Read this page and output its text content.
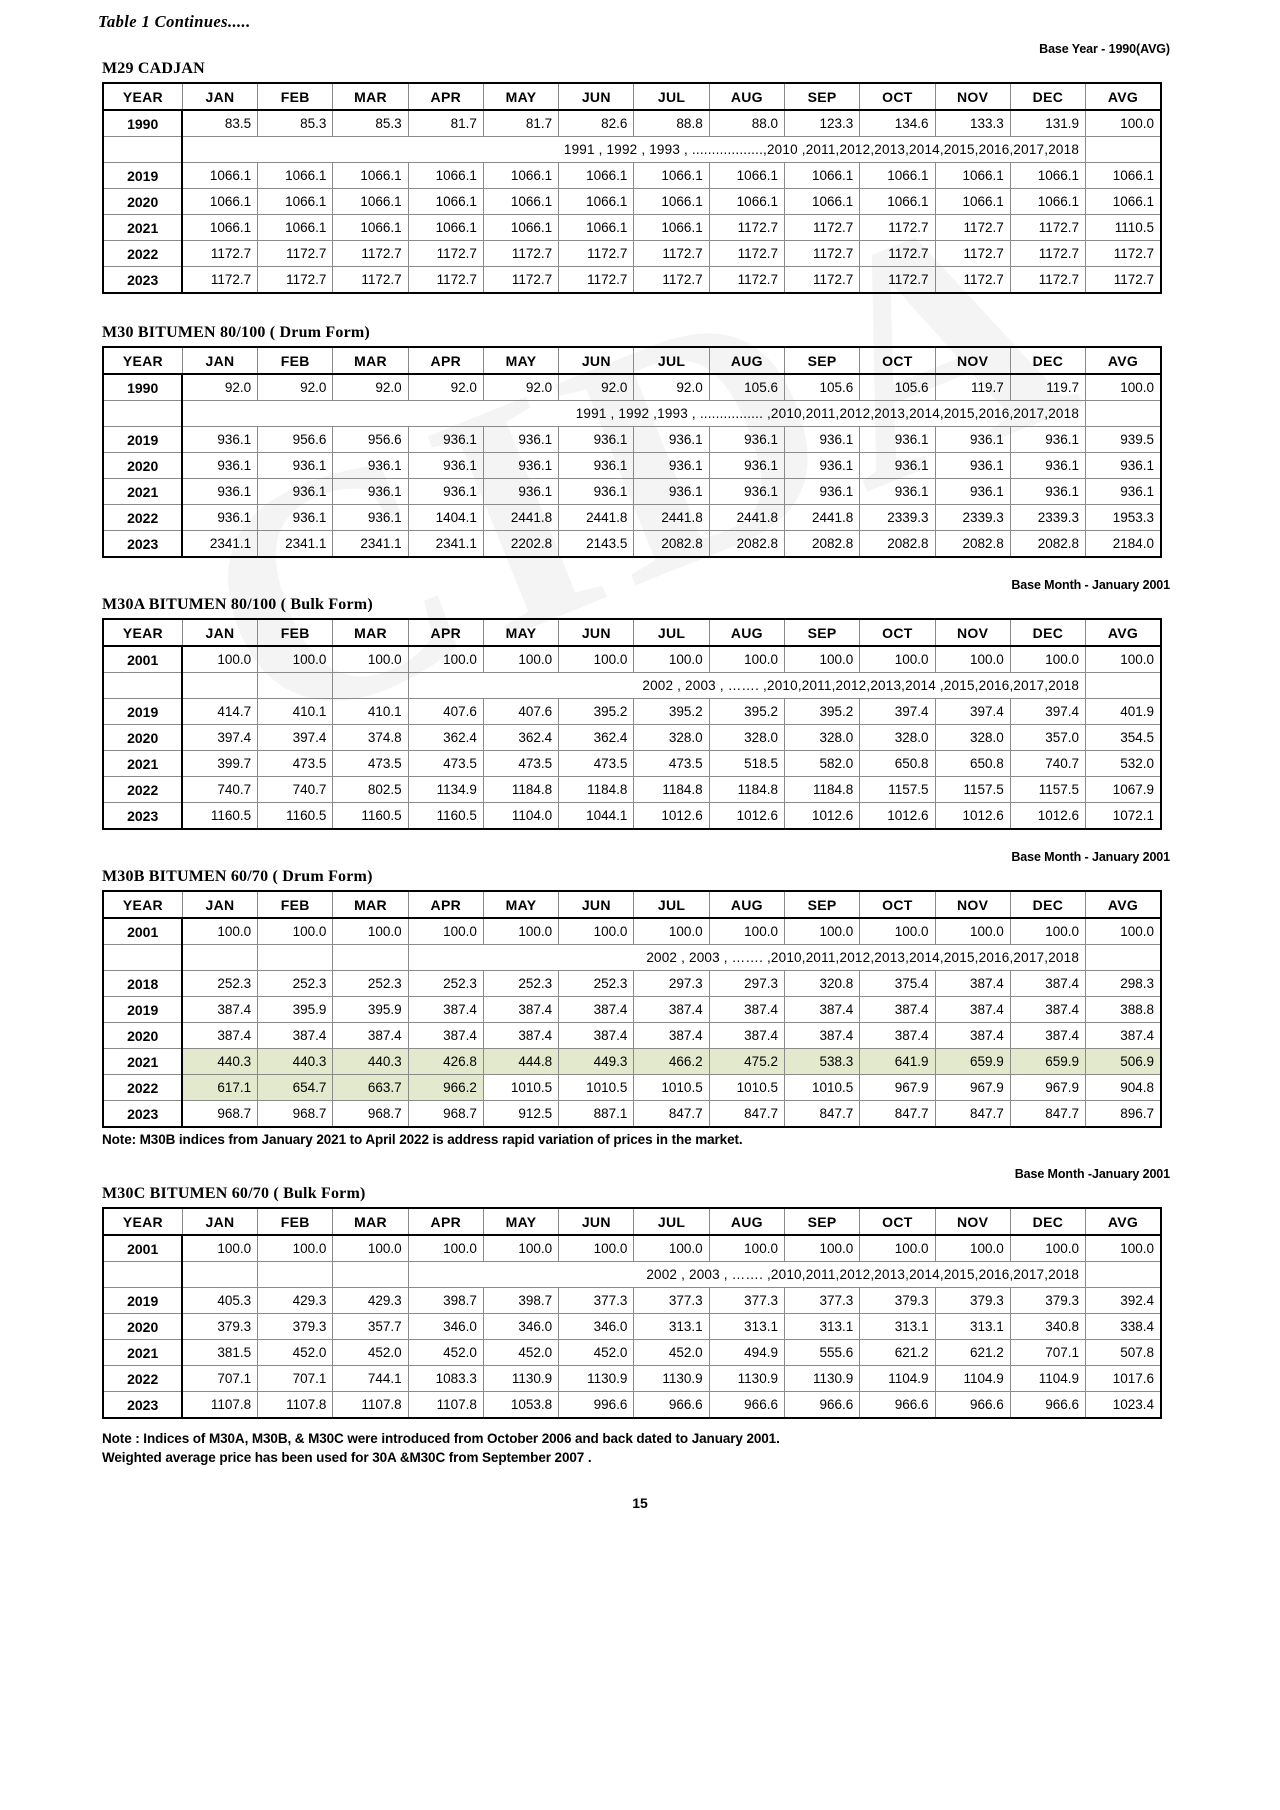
Table 1 Continues.....
Base Year - 1990(AVG)
M29 CADJAN
YEAR	JAN	FEB	MAR	APR	MAY	JUN	JUL	AUG	SEP	OCT	NOV	DEC	AVG
1990	83.5	85.3	85.3	81.7	81.7	82.6	88.8	88.0	123.3	134.6	133.3	131.9	100.0
	1991 , 1992 , 1993 , ..................,2010 ,2011,2012,2013,2014,2015,2016,2017,2018												
2019	1066.1	1066.1	1066.1	1066.1	1066.1	1066.1	1066.1	1066.1	1066.1	1066.1	1066.1	1066.1	1066.1
2020	1066.1	1066.1	1066.1	1066.1	1066.1	1066.1	1066.1	1066.1	1066.1	1066.1	1066.1	1066.1	1066.1
2021	1066.1	1066.1	1066.1	1066.1	1066.1	1066.1	1066.1	1172.7	1172.7	1172.7	1172.7	1172.7	1110.5
2022	1172.7	1172.7	1172.7	1172.7	1172.7	1172.7	1172.7	1172.7	1172.7	1172.7	1172.7	1172.7	1172.7
2023	1172.7	1172.7	1172.7	1172.7	1172.7	1172.7	1172.7	1172.7	1172.7	1172.7	1172.7	1172.7	1172.7
M30 BITUMEN 80/100 ( Drum Form)
YEAR	JAN	FEB	MAR	APR	MAY	JUN	JUL	AUG	SEP	OCT	NOV	DEC	AVG
1990	92.0	92.0	92.0	92.0	92.0	92.0	92.0	105.6	105.6	105.6	119.7	119.7	100.0
	1991 , 1992 ,1993 , ................ ,2010,2011,2012,2013,2014,2015,2016,2017,2018												
2019	936.1	956.6	956.6	936.1	936.1	936.1	936.1	936.1	936.1	936.1	936.1	936.1	939.5
2020	936.1	936.1	936.1	936.1	936.1	936.1	936.1	936.1	936.1	936.1	936.1	936.1	936.1
2021	936.1	936.1	936.1	936.1	936.1	936.1	936.1	936.1	936.1	936.1	936.1	936.1	936.1
2022	936.1	936.1	936.1	1404.1	2441.8	2441.8	2441.8	2441.8	2441.8	2339.3	2339.3	2339.3	1953.3
2023	2341.1	2341.1	2341.1	2341.1	2202.8	2143.5	2082.8	2082.8	2082.8	2082.8	2082.8	2082.8	2184.0
Base Month - January 2001
M30A BITUMEN 80/100 ( Bulk Form)
YEAR	JAN	FEB	MAR	APR	MAY	JUN	JUL	AUG	SEP	OCT	NOV	DEC	AVG
2001	100.0	100.0	100.0	100.0	100.0	100.0	100.0	100.0	100.0	100.0	100.0	100.0	100.0
				2002 , 2003 , ……. ,2010,2011,2012,2013,2014 ,2015,2016,2017,2018									
2019	414.7	410.1	410.1	407.6	407.6	395.2	395.2	395.2	395.2	397.4	397.4	397.4	401.9
2020	397.4	397.4	374.8	362.4	362.4	362.4	328.0	328.0	328.0	328.0	328.0	357.0	354.5
2021	399.7	473.5	473.5	473.5	473.5	473.5	473.5	518.5	582.0	650.8	650.8	740.7	532.0
2022	740.7	740.7	802.5	1134.9	1184.8	1184.8	1184.8	1184.8	1184.8	1157.5	1157.5	1157.5	1067.9
2023	1160.5	1160.5	1160.5	1160.5	1104.0	1044.1	1012.6	1012.6	1012.6	1012.6	1012.6	1012.6	1072.1
Base Month - January 2001
M30B BITUMEN 60/70 ( Drum Form)
YEAR	JAN	FEB	MAR	APR	MAY	JUN	JUL	AUG	SEP	OCT	NOV	DEC	AVG
2001	100.0	100.0	100.0	100.0	100.0	100.0	100.0	100.0	100.0	100.0	100.0	100.0	100.0
				2002 , 2003 , ……. ,2010,2011,2012,2013,2014,2015,2016,2017,2018									
2018	252.3	252.3	252.3	252.3	252.3	252.3	297.3	297.3	320.8	375.4	387.4	387.4	298.3
2019	387.4	395.9	395.9	387.4	387.4	387.4	387.4	387.4	387.4	387.4	387.4	387.4	388.8
2020	387.4	387.4	387.4	387.4	387.4	387.4	387.4	387.4	387.4	387.4	387.4	387.4	387.4
2021	440.3	440.3	440.3	426.8	444.8	449.3	466.2	475.2	538.3	641.9	659.9	659.9	506.9
2022	617.1	654.7	663.7	966.2	1010.5	1010.5	1010.5	1010.5	1010.5	967.9	967.9	967.9	904.8
2023	968.7	968.7	968.7	968.7	912.5	887.1	847.7	847.7	847.7	847.7	847.7	847.7	896.7
Note: M30B indices from January 2021 to April 2022 is address rapid variation of prices in the market.
Base Month -January 2001
M30C BITUMEN 60/70 ( Bulk Form)
YEAR	JAN	FEB	MAR	APR	MAY	JUN	JUL	AUG	SEP	OCT	NOV	DEC	AVG
2001	100.0	100.0	100.0	100.0	100.0	100.0	100.0	100.0	100.0	100.0	100.0	100.0	100.0
				2002 , 2003 , ……. ,2010,2011,2012,2013,2014,2015,2016,2017,2018									
2019	405.3	429.3	429.3	398.7	398.7	377.3	377.3	377.3	377.3	379.3	379.3	379.3	392.4
2020	379.3	379.3	357.7	346.0	346.0	346.0	313.1	313.1	313.1	313.1	313.1	340.8	338.4
2021	381.5	452.0	452.0	452.0	452.0	452.0	452.0	494.9	555.6	621.2	621.2	707.1	507.8
2022	707.1	707.1	744.1	1083.3	1130.9	1130.9	1130.9	1130.9	1130.9	1104.9	1104.9	1104.9	1017.6
2023	1107.8	1107.8	1107.8	1107.8	1053.8	996.6	966.6	966.6	966.6	966.6	966.6	966.6	1023.4
Note : Indices of M30A, M30B, & M30C were introduced from October 2006 and back dated to January 2001.
Weighted average price has been used for 30A &M30C from September 2007 .
15
